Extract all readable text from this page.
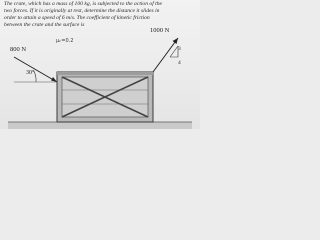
The crate, which has a mass of 100 kg, is subjected to the action of the
two forces. If it is originally at rest, determine the distance it slides in
order to attain a speed of 6 m/s. The coefficient of kinetic friction
between the crate and the surface is
μₖ=0.2
800 N
1000 N
30°
3
4
